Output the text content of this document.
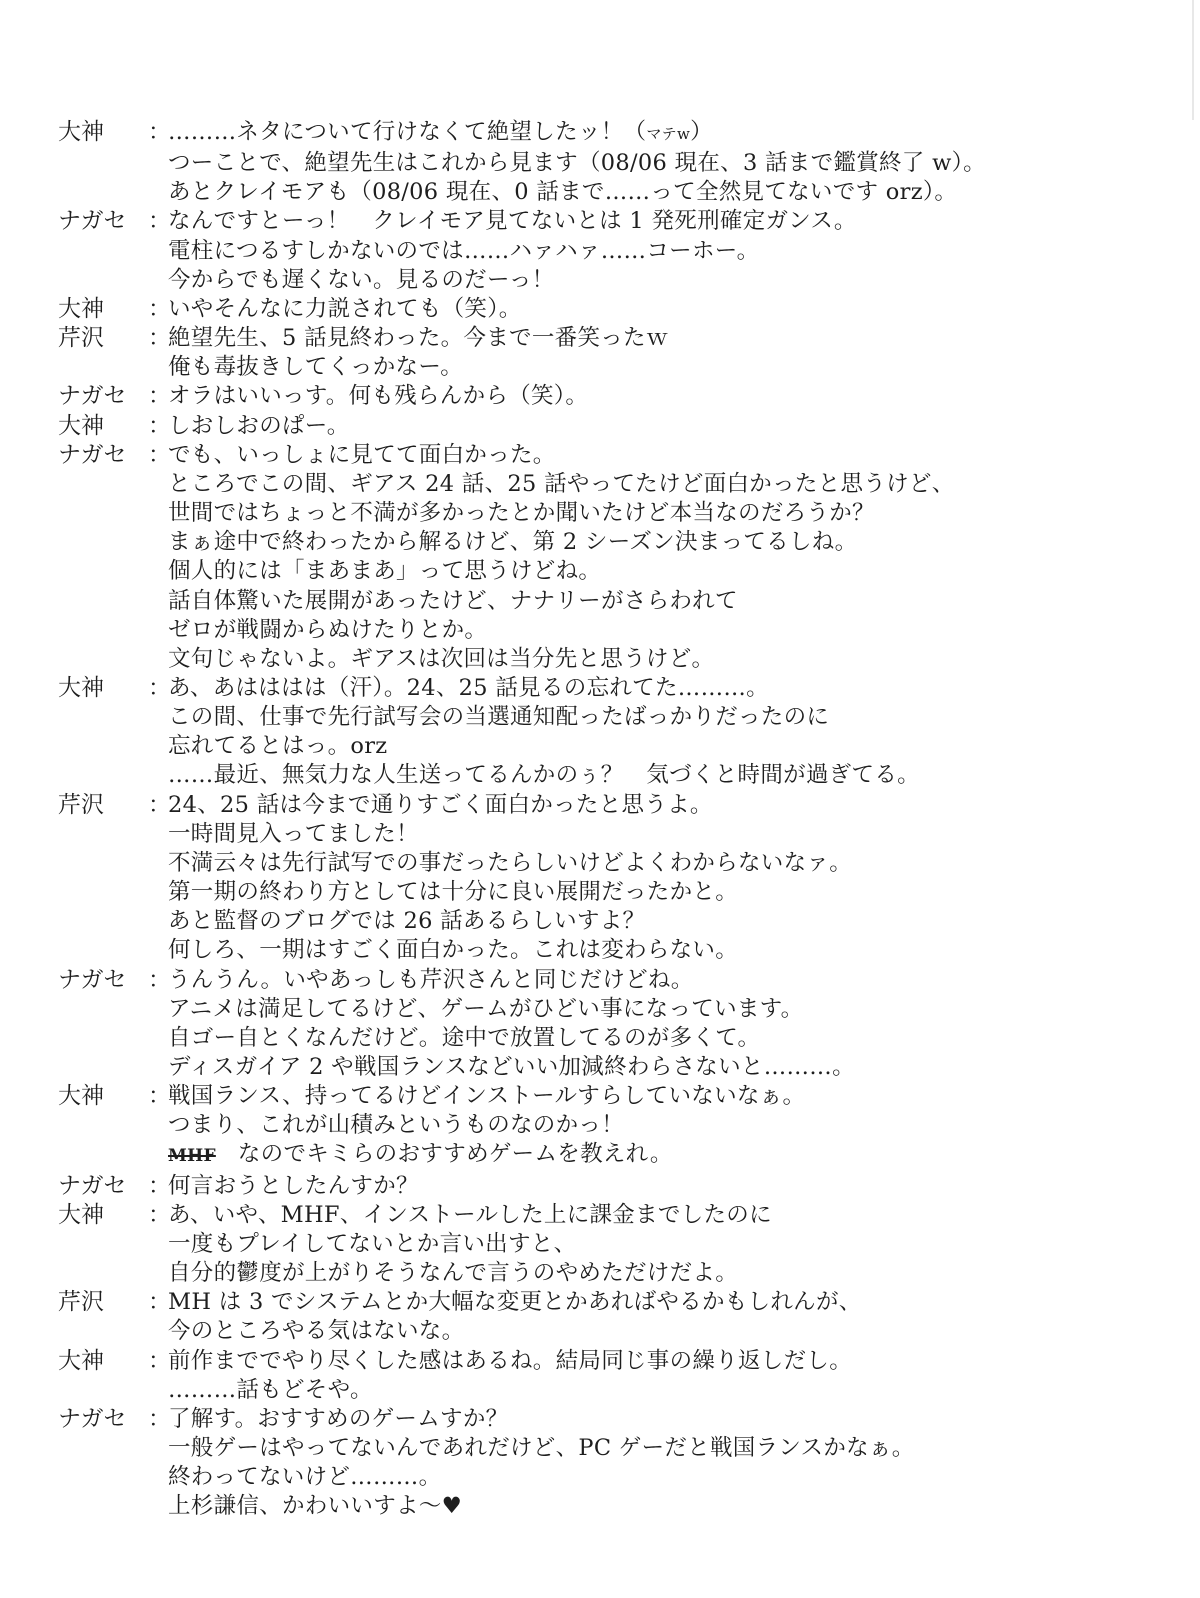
大神	：
………ネタについて行けなくて絶望したッ！（マテw）
つーことで、絶望先生はこれから見ます（08/06 現在、3 話まで鑑賞終了 w）。
あとクレイモアも（08/06 現在、0 話まで……って全然見てないです orz）。
ナガセ ：
なんですとーっ！　クレイモア見てないとは 1 発死刑確定ガンス。
電柱につるすしかないのでは……ハァハァ……コーホー。
今からでも遅くない。見るのだーっ！
大神	：
いやそんなに力説されても（笑）。
芹沢	：
絶望先生、5 話見終わった。今まで一番笑ったｗ
俺も毒抜きしてくっかなー。
ナガセ ：
オラはいいっす。何も残らんから（笑）。
大神	：
しおしおのぱー。
ナガセ ：
でも、いっしょに見てて面白かった。
ところでこの間、ギアス 24 話、25 話やってたけど面白かったと思うけど、
世間ではちょっと不満が多かったとか聞いたけど本当なのだろうか？
まぁ途中で終わったから解るけど、第 2 シーズン決まってるしね。
個人的には「まあまあ」って思うけどね。
話自体驚いた展開があったけど、ナナリーがさらわれて
ゼロが戦闘からぬけたりとか。
文句じゃないよ。ギアスは次回は当分先と思うけど。
大神	：
あ、あはははは（汗）。24、25 話見るの忘れてた………。
この間、仕事で先行試写会の当選通知配ったばっかりだったのに
忘れてるとはっ。orz
……最近、無気力な人生送ってるんかのぅ？　気づくと時間が過ぎてる。
芹沢	：
24、25 話は今まで通りすごく面白かったと思うよ。
一時間見入ってました！
不満云々は先行試写での事だったらしいけどよくわからないなァ。
第一期の終わり方としては十分に良い展開だったかと。
あと監督のブログでは 26 話あるらしいすよ？
何しろ、一期はすごく面白かった。これは変わらない。
ナガセ ：
うんうん。いやあっしも芹沢さんと同じだけどね。
アニメは満足してるけど、ゲームがひどい事になっています。
自ゴー自とくなんだけど。途中で放置してるのが多くて。
ディスガイア 2 や戦国ランスなどいい加減終わらさないと………。
大神	：
戦国ランス、持ってるけどインストールすらしていないなぁ。
つまり、これが山積みというものなのかっ！
MHF なのでキミらのおすすめゲームを教えれ。
ナガセ ：
何言おうとしたんすか？
大神	：
あ、いや、MHF、インストールした上に課金までしたのに
一度もプレイしてないとか言い出すと、
自分的鬱度が上がりそうなんで言うのやめただけだよ。
芹沢	：
MH は 3 でシステムとか大幅な変更とかあればやるかもしれんが、
今のところやる気はないな。
大神	：
前作まででやり尽くした感はあるね。結局同じ事の繰り返しだし。
………話もどそや。
ナガセ ：
了解す。おすすめのゲームすか？
一般ゲーはやってないんであれだけど、PC ゲーだと戦国ランスかなぁ。
終わってないけど………。
上杉謙信、かわいいすよ～♥
